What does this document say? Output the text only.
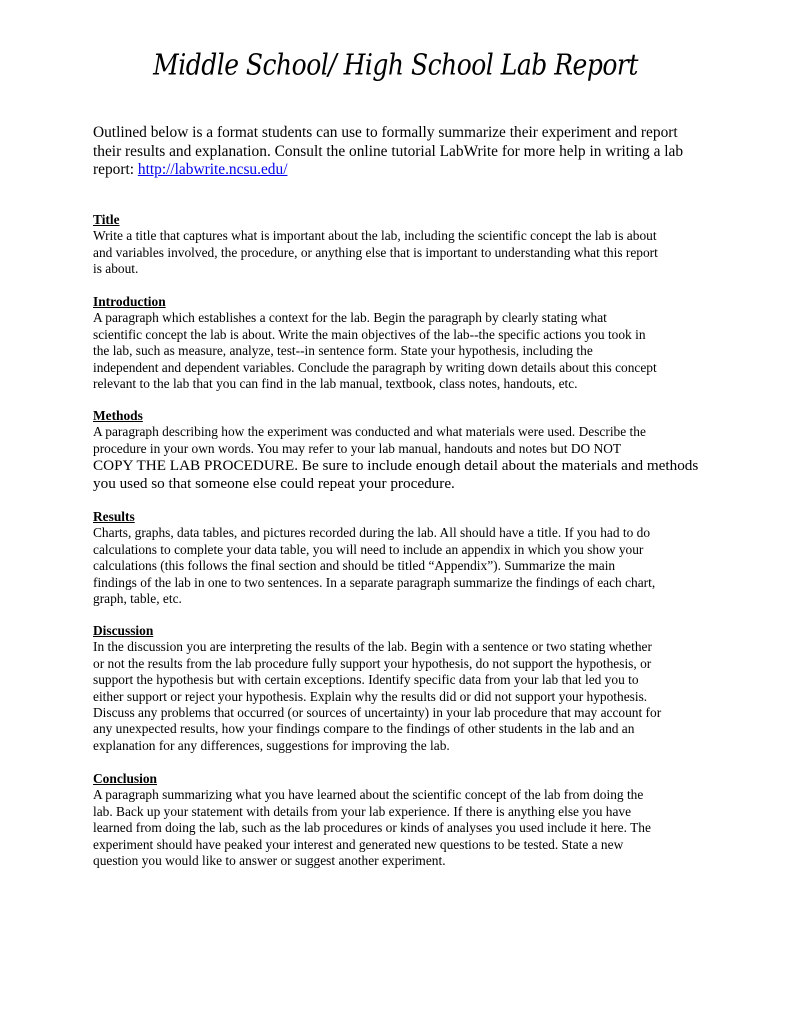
Middle School/ High School Lab Report
Outlined below is a format students can use to formally summarize their experiment and report
their results and explanation. Consult the online tutorial LabWrite for more help in writing a lab
report: http://labwrite.ncsu.edu/
Title
Write a title that captures what is important about the lab, including the scientific concept the lab is about
and variables involved, the procedure, or anything else that is important to understanding what this report
is about.
Introduction
A paragraph which establishes a context for the lab. Begin the paragraph by clearly stating what
scientific concept the lab is about. Write the main objectives of the lab--the specific actions you took in
the lab, such as measure, analyze, test--in sentence form. State your hypothesis, including the
independent and dependent variables. Conclude the paragraph by writing down details about this concept
relevant to the lab that you can find in the lab manual, textbook, class notes, handouts, etc.
Methods
A paragraph describing how the experiment was conducted and what materials were used. Describe the
procedure in your own words. You may refer to your lab manual, handouts and notes but DO NOT
COPY THE LAB PROCEDURE. Be sure to include enough detail about the materials and methods
you used so that someone else could repeat your procedure.
Results
Charts, graphs, data tables, and pictures recorded during the lab. All should have a title. If you had to do
calculations to complete your data table, you will need to include an appendix in which you show your
calculations (this follows the final section and should be titled “Appendix”). Summarize the main
findings of the lab in one to two sentences. In a separate paragraph summarize the findings of each chart,
graph, table, etc.
Discussion
In the discussion you are interpreting the results of the lab. Begin with a sentence or two stating whether
or not the results from the lab procedure fully support your hypothesis, do not support the hypothesis, or
support the hypothesis but with certain exceptions. Identify specific data from your lab that led you to
either support or reject your hypothesis. Explain why the results did or did not support your hypothesis.
Discuss any problems that occurred (or sources of uncertainty) in your lab procedure that may account for
any unexpected results, how your findings compare to the findings of other students in the lab and an
explanation for any differences, suggestions for improving the lab.
Conclusion
A paragraph summarizing what you have learned about the scientific concept of the lab from doing the
lab. Back up your statement with details from your lab experience. If there is anything else you have
learned from doing the lab, such as the lab procedures or kinds of analyses you used include it here. The
experiment should have peaked your interest and generated new questions to be tested. State a new
question you would like to answer or suggest another experiment.
